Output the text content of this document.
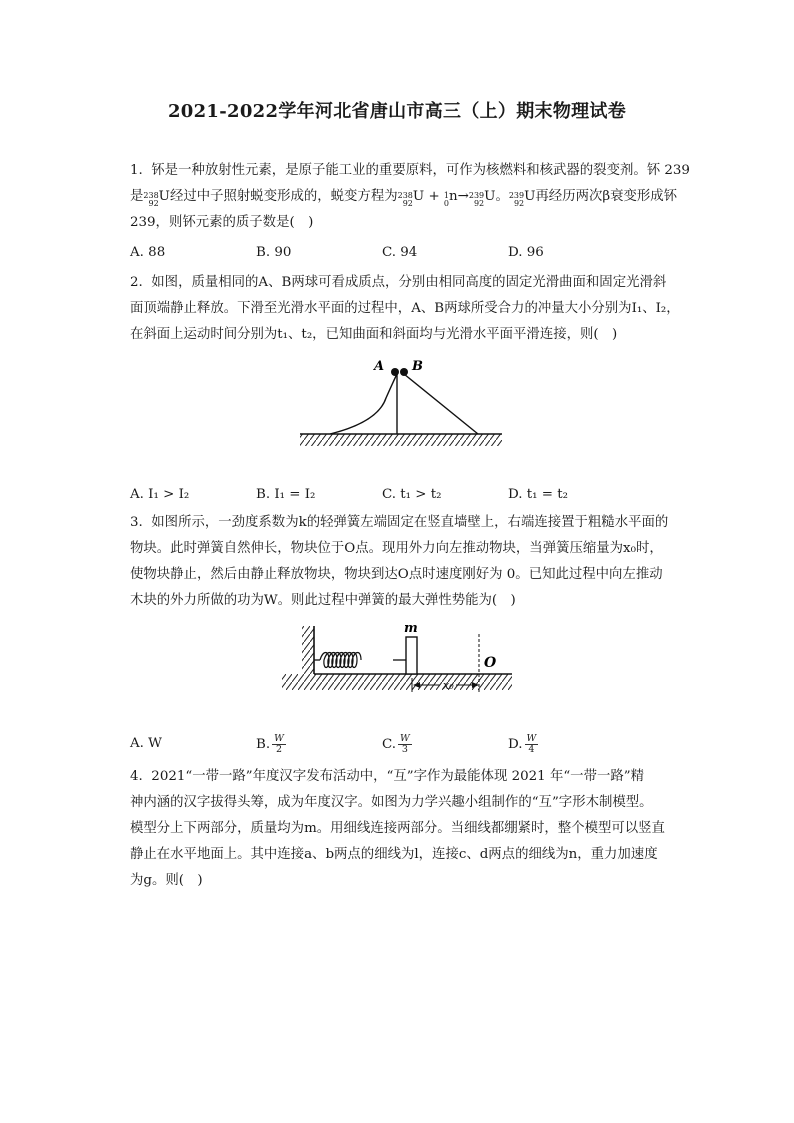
2021-2022学年河北省唐山市高三（上）期末物理试卷
1. 钚是一种放射性元素，是原子能工业的重要原料，可作为核燃料和核武器的裂变剂。钚 239
是 238
92 U经过中子照射蜕变形成的，蜕变方程为 238
92 U + 1
0 n→ 239
92 U。 239
92 U再经历两次β衰变形成钚
239，则钚元素的质子数是(　)
A. 88	B. 90	C. 94	D. 96
2. 如图，质量相同的A、B两球可看成质点，分别由相同高度的固定光滑曲面和固定光滑斜
面顶端静止释放。下滑至光滑水平面的过程中，A、B两球所受合力的冲量大小分别为I₁、I₂，
在斜面上运动时间分别为t₁、t₂，已知曲面和斜面均与光滑水平面平滑连接，则(　)
A B
A. I₁ > I₂	B. I₁ = I₂	C. t₁ > t₂	D. t₁ = t₂
3. 如图所示，一劲度系数为k的轻弹簧左端固定在竖直墙壁上，右端连接置于粗糙水平面的
物块。此时弹簧自然伸长，物块位于O点。现用外力向左推动物块，当弹簧压缩量为x₀时，
使物块静止，然后由静止释放物块，物块到达O点时速度刚好为 0。已知此过程中向左推动
木块的外力所做的功为W。则此过程中弹簧的最大弹性势能为(　)
m
O
x₀
A. W	B. $\frac{W}{2}$	C. $\frac{W}{3}$	D. $\frac{W}{4}$
4. 2021“一带一路”年度汉字发布活动中，“互”字作为最能体现 2021 年“一带一路”精
神内涵的汉字拔得头筹，成为年度汉字。如图为力学兴趣小组制作的“互”字形木制模型。
模型分上下两部分，质量均为m。用细线连接两部分。当细线都绷紧时，整个模型可以竖直
静止在水平地面上。其中连接a、b两点的细线为l，连接c、d两点的细线为n，重力加速度
为g。则(　)
